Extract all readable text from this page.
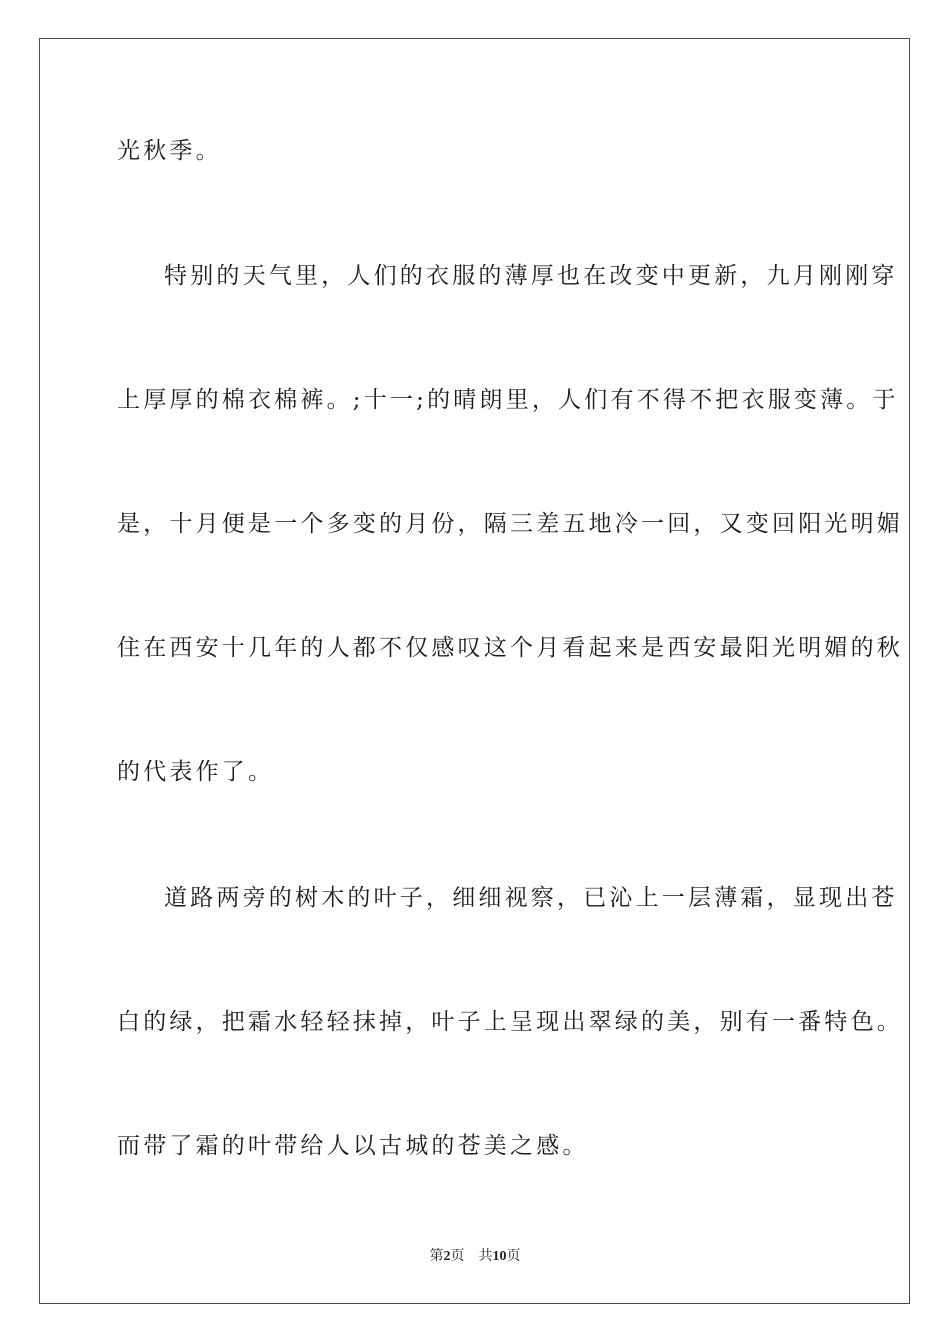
光秋季。
特别的天气里，人们的衣服的薄厚也在改变中更新，九月刚刚穿
上厚厚的棉衣棉裤。;十一;的晴朗里，人们有不得不把衣服变薄。于
是，十月便是一个多变的月份，隔三差五地冷一回，又变回阳光明媚
住在西安十几年的人都不仅感叹这个月看起来是西安最阳光明媚的秋
的代表作了。
道路两旁的树木的叶子，细细视察，已沁上一层薄霜，显现出苍
白的绿，把霜水轻轻抹掉，叶子上呈现出翠绿的美，别有一番特色。
而带了霜的叶带给人以古城的苍美之感。
第2页 共10页
